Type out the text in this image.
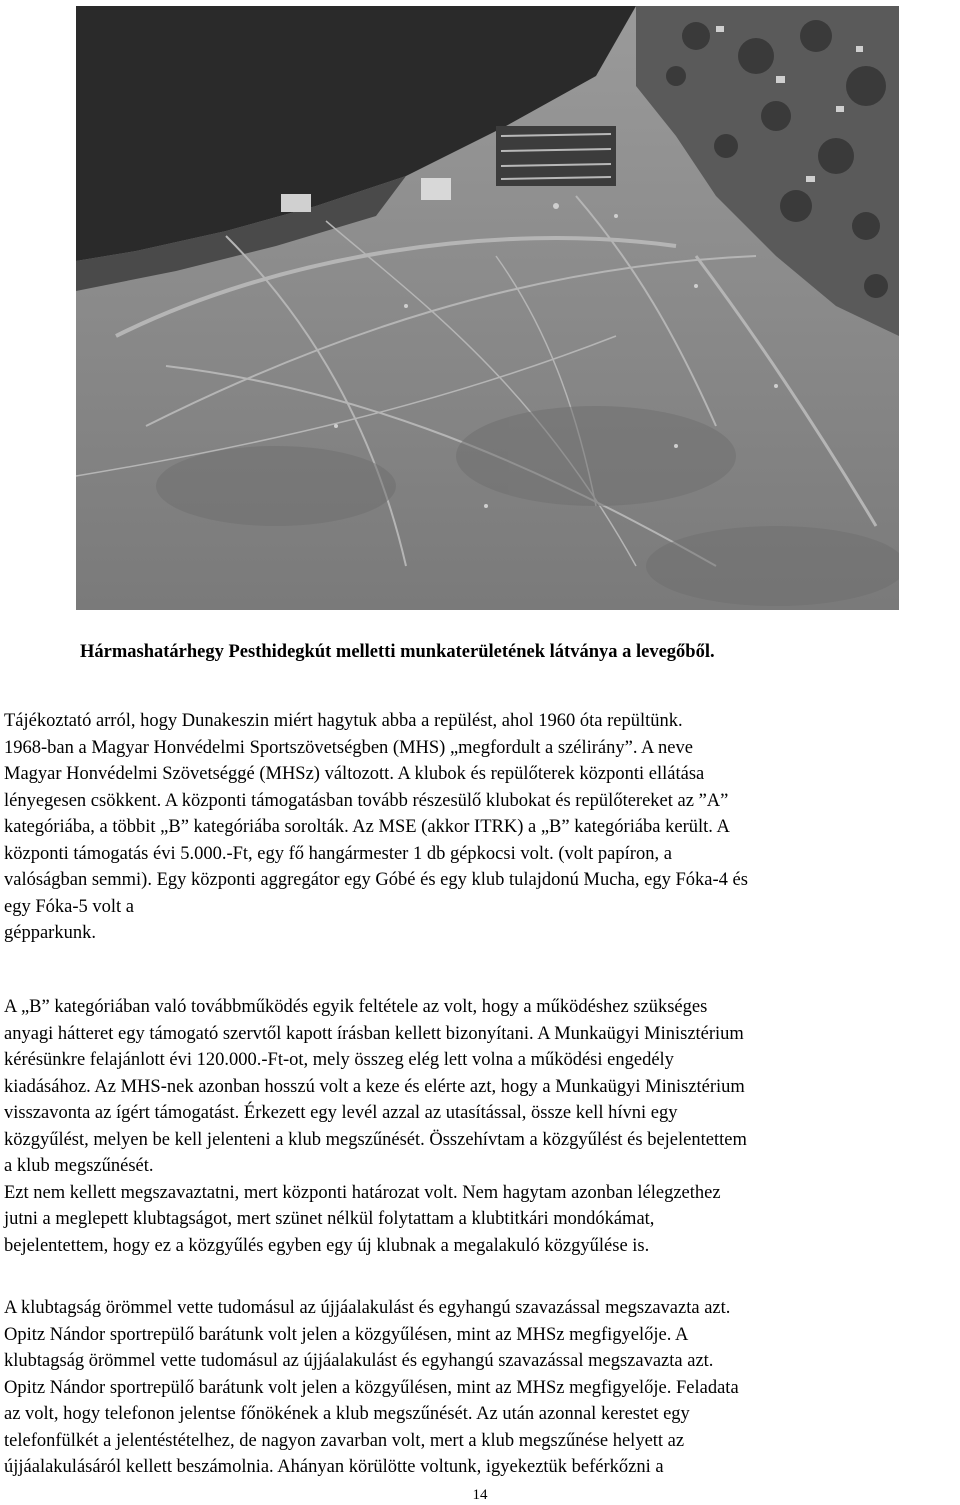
Hármashatárhegy Pesthidegkút melletti munkaterületének látványa a levegőből.

Tájékoztató arról, hogy Dunakeszin miért hagytuk abba a repülést, ahol 1960 óta repültünk.

1968-ban a Magyar Honvédelmi Sportszövetségben (MHS) „megfordult a szélirány”. A neve

Magyar Honvédelmi Szövetséggé (MHSz) változott. A klubok és repülőterek központi ellátása

lényegesen csökkent. A központi támogatásban tovább részesülő klubokat és repülőtereket az ”A”

kategóriába, a többit „B” kategóriába sorolták. Az MSE (akkor ITRK) a „B” kategóriába került. A

központi támogatás évi 5.000.-Ft, egy fő hangármester 1 db gépkocsi volt. (volt papíron, a

valóságban semmi). Egy központi aggregátor egy Góbé és egy klub tulajdonú Mucha, egy Fóka-4 és

egy Fóka-5 volt a

gépparkunk.

A „B” kategóriában való továbbműködés egyik feltétele az volt, hogy a működéshez szükséges

anyagi hátteret egy támogató szervtől kapott írásban kellett bizonyítani. A Munkaügyi Minisztérium

kérésünkre felajánlott évi 120.000.-Ft-ot, mely összeg elég lett volna a működési engedély

kiadásához. Az MHS-nek azonban hosszú volt a keze és elérte azt, hogy a Munkaügyi Minisztérium

visszavonta az ígért támogatást. Érkezett egy levél azzal az utasítással, össze kell hívni egy

közgyűlést, melyen be kell jelenteni a klub megszűnését. Összehívtam a közgyűlést és bejelentettem

a klub megszűnését.

Ezt nem kellett megszavaztatni, mert központi határozat volt. Nem hagytam azonban lélegzethez

jutni a meglepett klubtagságot, mert szünet nélkül folytattam a klubtitkári mondókámat,

bejelentettem, hogy ez a közgyűlés egyben egy új klubnak a megalakuló közgyűlése is.

A klubtagság örömmel vette tudomásul az újjáalakulást és egyhangú szavazással megszavazta azt.

Opitz Nándor sportrepülő barátunk volt jelen a közgyűlésen, mint az MHSz megfigyelője. A

klubtagság örömmel vette tudomásul az újjáalakulást és egyhangú szavazással megszavazta azt.

Opitz Nándor sportrepülő barátunk volt jelen a közgyűlésen, mint az MHSz megfigyelője. Feladata

az volt, hogy telefonon jelentse főnökének a klub megszűnését. Az után azonnal kerestet egy

telefonfülkét a jelentéstételhez, de nagyon zavarban volt, mert a klub megszűnése helyett az

újjáalakulásáról kellett beszámolnia. Ahányan körülötte voltunk, igyekeztük beférkőzni a

14
